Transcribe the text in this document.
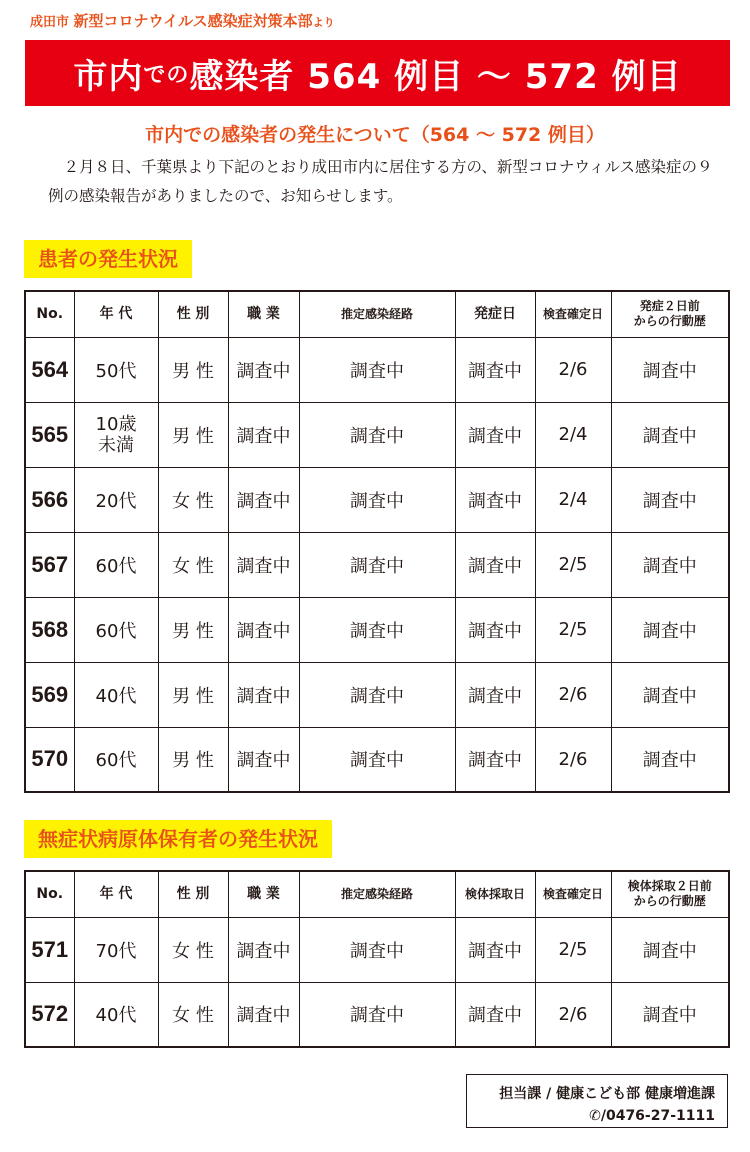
成田市 新型コロナウイルス感染症対策本部より
市内 での 感染者 564 例目 ～ 572 例目
市内での感染者の発生について（564 ～ 572 例目）

２月８日、千葉県より下記のとおり成田市内に居住する方の、新型コロナウィルス感染症の９例の感染報告がありましたので、お知らせします。

患者の発生状況
No.	年 代	性 別	職 業	推定感染経路	発症日	検査確定日	発症２日前
からの行動歴
564	50代	男 性	調査中	調査中	調査中	2/6	調査中
565	10歳
未満	男 性	調査中	調査中	調査中	2/4	調査中
566	20代	女 性	調査中	調査中	調査中	2/4	調査中
567	60代	女 性	調査中	調査中	調査中	2/5	調査中
568	60代	男 性	調査中	調査中	調査中	2/5	調査中
569	40代	男 性	調査中	調査中	調査中	2/6	調査中
570	60代	男 性	調査中	調査中	調査中	2/6	調査中
無症状病原体保有者の発生状況
No.	年 代	性 別	職 業	推定感染経路	検体採取日	検査確定日	検体採取２日前
からの行動歴
571	70代	女 性	調査中	調査中	調査中	2/5	調査中
572	40代	女 性	調査中	調査中	調査中	2/6	調査中
担当課 / 健康こども部 健康増進課
✆/0476-27-1111
